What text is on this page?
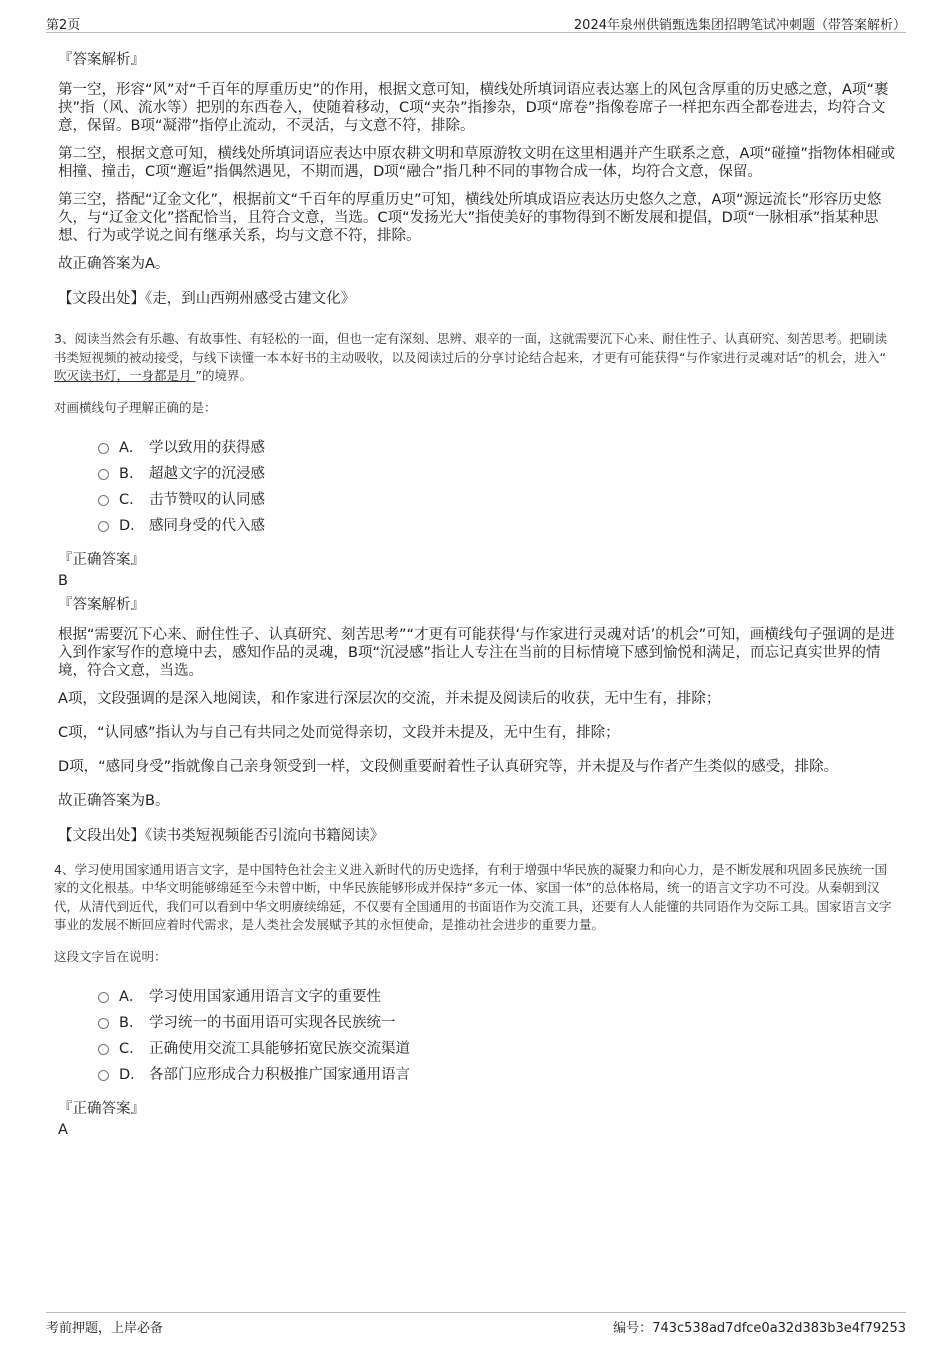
第2页	2024年泉州供销甄选集团招聘笔试冲刺题（带答案解析）
『答案解析』

第一空，形容“风”对“千百年的厚重历史”的作用，根据文意可知，横线处所填词语应表达塞上的风包含厚重的历史感之意，A项“裹挟”指（风、流水等）把别的东西卷入，使随着移动，C项“夹杂”指掺杂，D项“席卷”指像卷席子一样把东西全都卷进去，均符合文意，保留。B项“凝滞”指停止流动，不灵活，与文意不符，排除。

第二空，根据文意可知，横线处所填词语应表达中原农耕文明和草原游牧文明在这里相遇并产生联系之意，A项“碰撞”指物体相碰或相撞、撞击，C项“邂逅”指偶然遇见，不期而遇，D项“融合”指几种不同的事物合成一体，均符合文意，保留。

第三空，搭配“辽金文化”，根据前文“千百年的厚重历史”可知，横线处所填成语应表达历史悠久之意，A项“源远流长”形容历史悠久，与“辽金文化”搭配恰当，且符合文意，当选。C项“发扬光大”指使美好的事物得到不断发展和提倡，D项“一脉相承”指某种思想、行为或学说之间有继承关系，均与文意不符，排除。

故正确答案为A。

【文段出处】《走，到山西朔州感受古建文化》

3、阅读当然会有乐趣、有故事性、有轻松的一面，但也一定有深刻、思辨、艰辛的一面，这就需要沉下心来、耐住性子、认真研究、刻苦思考。把刷读书类短视频的被动接受，与线下读懂一本本好书的主动吸收，以及阅读过后的分享讨论结合起来，才更有可能获得“与作家进行灵魂对话”的机会，进入“ 吹灭读书灯，一身都是月 ”的境界。

对画横线句子理解正确的是：

A． 学以致用的获得感
B． 超越文字的沉浸感
C． 击节赞叹的认同感
D． 感同身受的代入感
『正确答案』
B
『答案解析』

根据“需要沉下心来、耐住性子、认真研究、刻苦思考”“才更有可能获得‘与作家进行灵魂对话’的机会”可知，画横线句子强调的是进入到作家写作的意境中去，感知作品的灵魂，B项“沉浸感”指让人专注在当前的目标情境下感到愉悦和满足，而忘记真实世界的情境，符合文意，当选。

A项，文段强调的是深入地阅读，和作家进行深层次的交流，并未提及阅读后的收获，无中生有，排除；

C项，“认同感”指认为与自己有共同之处而觉得亲切，文段并未提及，无中生有，排除；

D项，“感同身受”指就像自己亲身领受到一样，文段侧重要耐着性子认真研究等，并未提及与作者产生类似的感受，排除。

故正确答案为B。

【文段出处】《读书类短视频能否引流向书籍阅读》

4、学习使用国家通用语言文字，是中国特色社会主义进入新时代的历史选择，有利于增强中华民族的凝聚力和向心力，是不断发展和巩固多民族统一国家的文化根基。中华文明能够绵延至今未曾中断，中华民族能够形成并保持“多元一体、家国一体”的总体格局，统一的语言文字功不可没。从秦朝到汉代，从清代到近代，我们可以看到中华文明赓续绵延，不仅要有全国通用的书面语作为交流工具，还要有人人能懂的共同语作为交际工具。国家语言文字事业的发展不断回应着时代需求，是人类社会发展赋予其的永恒使命，是推动社会进步的重要力量。

这段文字旨在说明：

A． 学习使用国家通用语言文字的重要性
B． 学习统一的书面用语可实现各民族统一
C． 正确使用交流工具能够拓宽民族交流渠道
D． 各部门应形成合力积极推广国家通用语言
『正确答案』
A
考前押题，上岸必备	编号：743c538ad7dfce0a32d383b3e4f79253
